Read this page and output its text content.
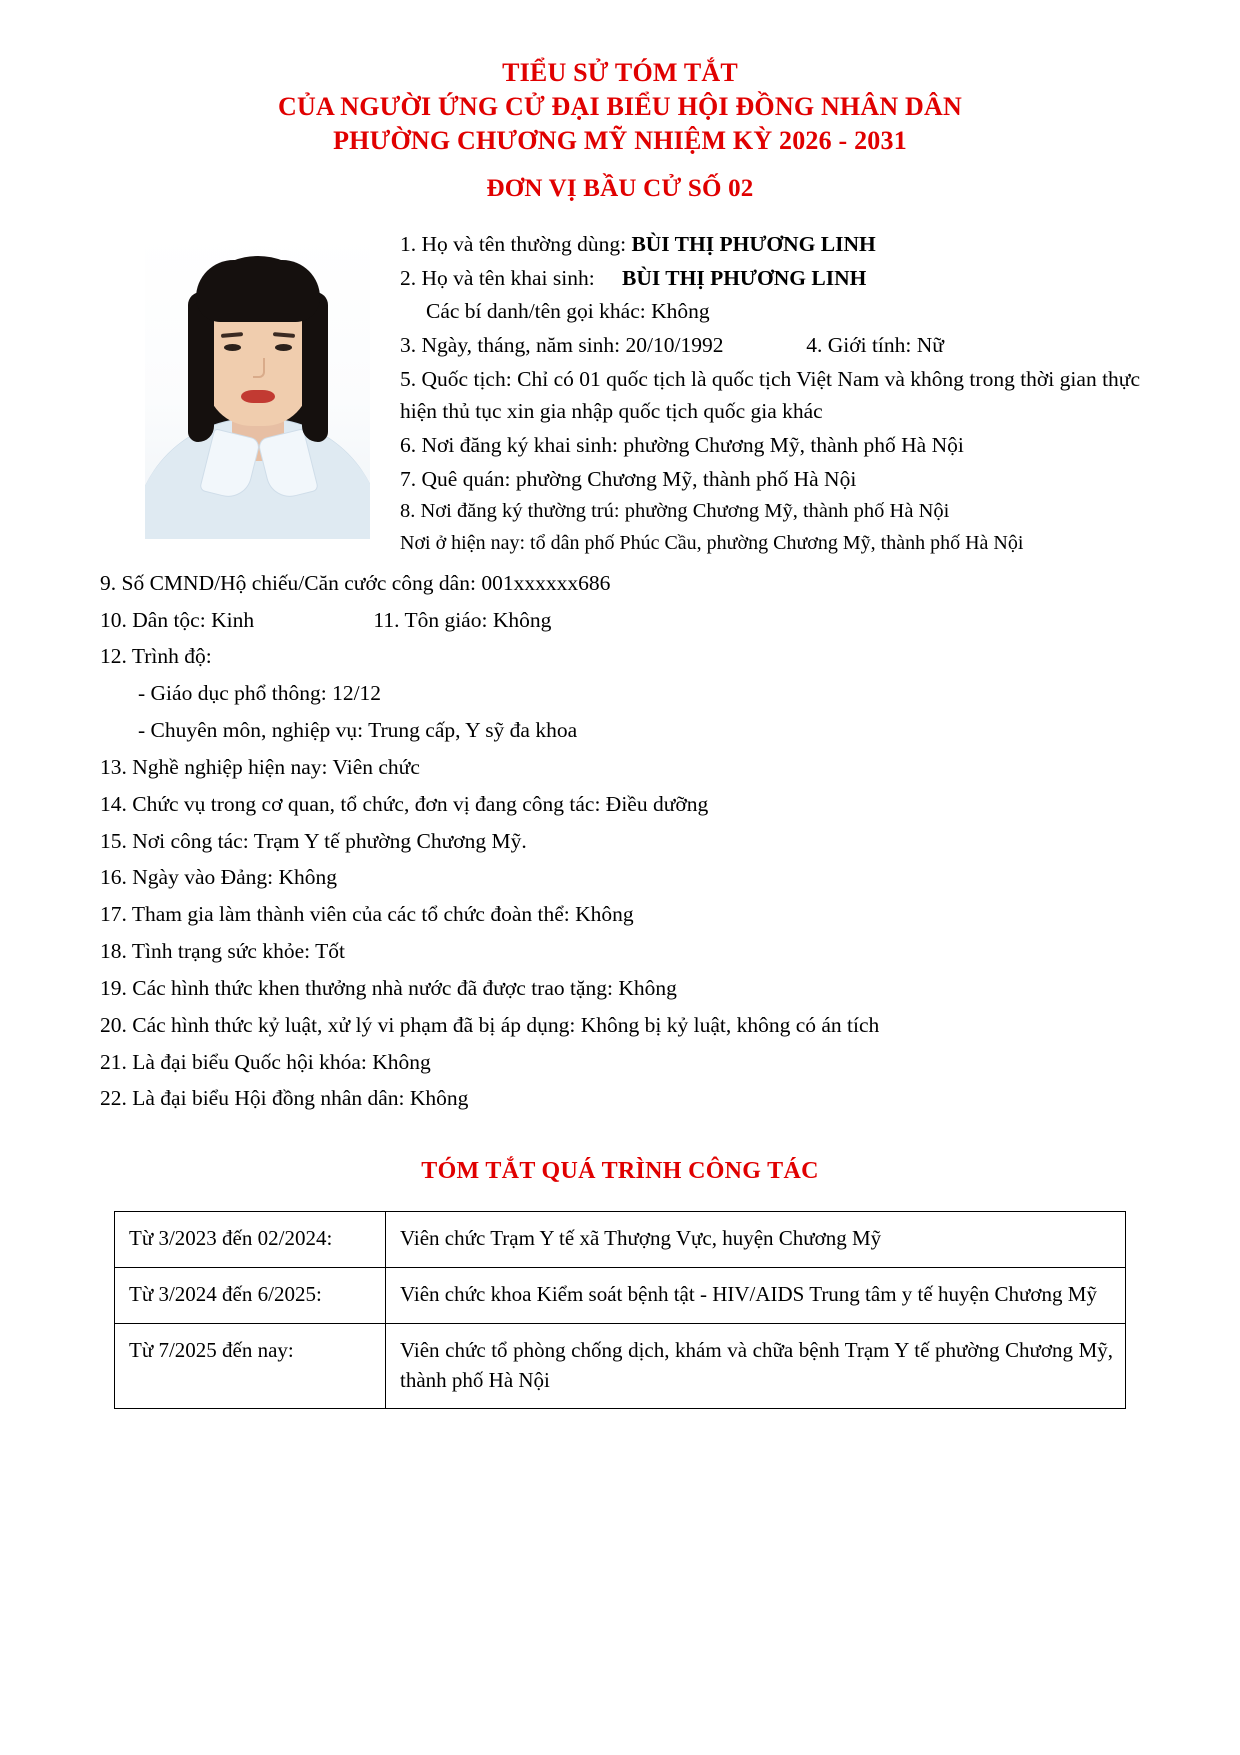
TIỂU SỬ TÓM TẮT
CỦA NGƯỜI ỨNG CỬ ĐẠI BIỂU HỘI ĐỒNG NHÂN DÂN
PHƯỜNG CHƯƠNG MỸ NHIỆM KỲ 2026 - 2031
ĐƠN VỊ BẦU CỬ SỐ 02
1. Họ và tên thường dùng: BÙI THỊ PHƯƠNG LINH
2. Họ và tên khai sinh: BÙI THỊ PHƯƠNG LINH
Các bí danh/tên gọi khác: Không
3. Ngày, tháng, năm sinh: 20/10/1992	4. Giới tính: Nữ
5. Quốc tịch: Chỉ có 01 quốc tịch là quốc tịch Việt Nam và không trong thời gian thực hiện thủ tục xin gia nhập quốc tịch quốc gia khác
6. Nơi đăng ký khai sinh: phường Chương Mỹ, thành phố Hà Nội
7. Quê quán: phường Chương Mỹ, thành phố Hà Nội
8. Nơi đăng ký thường trú: phường Chương Mỹ, thành phố Hà Nội
Nơi ở hiện nay: tổ dân phố Phúc Cầu, phường Chương Mỹ, thành phố Hà Nội
9. Số CMND/Hộ chiếu/Căn cước công dân: 001xxxxxx686
10. Dân tộc: Kinh	11. Tôn giáo: Không
12. Trình độ:
- Giáo dục phổ thông: 12/12
- Chuyên môn, nghiệp vụ: Trung cấp, Y sỹ đa khoa
13. Nghề nghiệp hiện nay: Viên chức
14. Chức vụ trong cơ quan, tổ chức, đơn vị đang công tác: Điều dưỡng
15. Nơi công tác: Trạm Y tế phường Chương Mỹ.
16. Ngày vào Đảng: Không
17. Tham gia làm thành viên của các tổ chức đoàn thể: Không
18. Tình trạng sức khỏe: Tốt
19. Các hình thức khen thưởng nhà nước đã được trao tặng: Không
20. Các hình thức kỷ luật, xử lý vi phạm đã bị áp dụng: Không bị kỷ luật, không có án tích
21. Là đại biểu Quốc hội khóa: Không
22. Là đại biểu Hội đồng nhân dân: Không
TÓM TẮT QUÁ TRÌNH CÔNG TÁC
Từ 3/2023 đến 02/2024:	Viên chức Trạm Y tế xã Thượng Vực, huyện Chương Mỹ
Từ 3/2024 đến 6/2025:	Viên chức khoa Kiểm soát bệnh tật - HIV/AIDS Trung tâm y tế huyện Chương Mỹ
Từ 7/2025 đến nay:	Viên chức tổ phòng chống dịch, khám và chữa bệnh Trạm Y tế phường Chương Mỹ, thành phố Hà Nội
